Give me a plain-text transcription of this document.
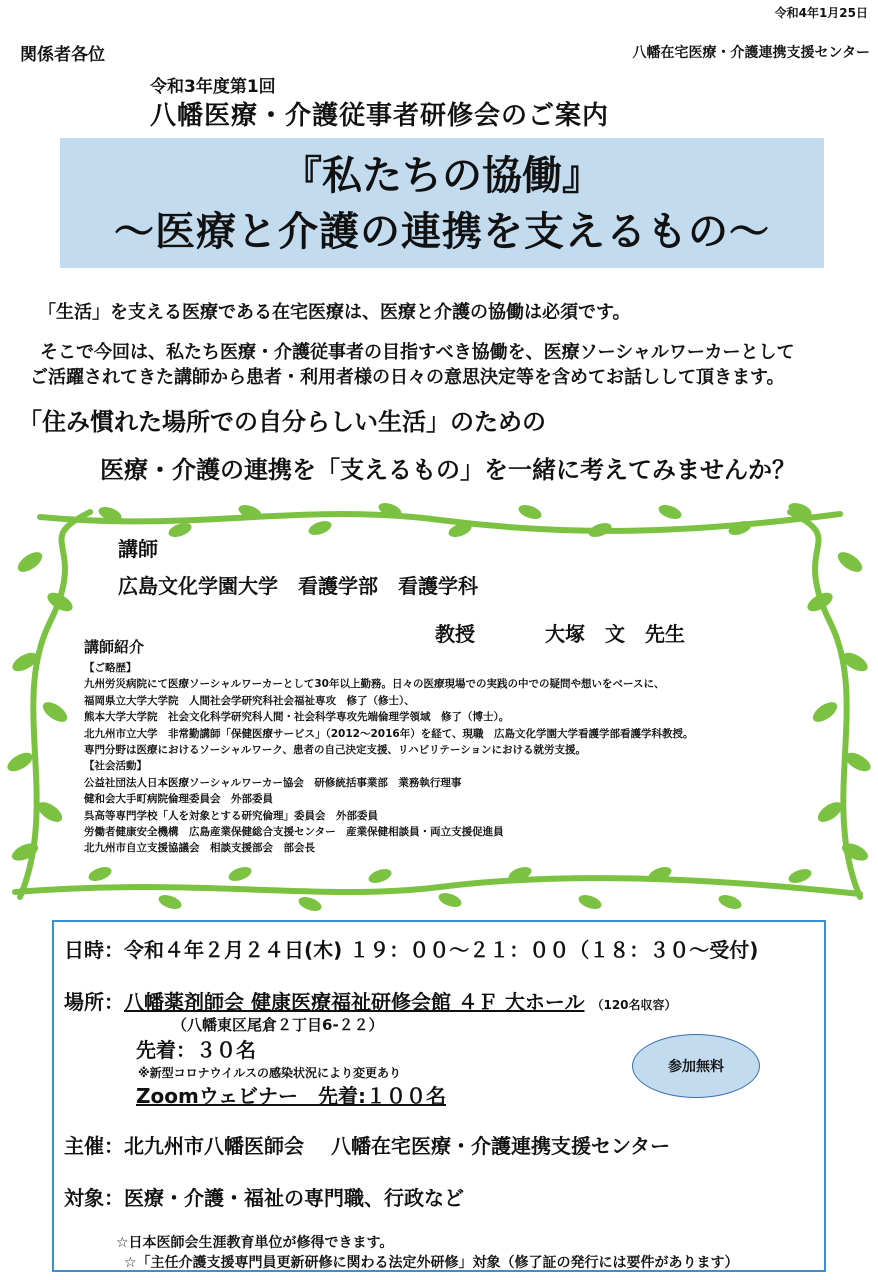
令和4年1月25日
関係者各位	八幡在宅医療・介護連携支援センター
令和3年度第1回
八幡医療・介護従事者研修会のご案内
『私たちの協働』
～医療と介護の連携を支えるもの～
「生活」を支える医療である在宅医療は、医療と介護の協働は必須です。
そこで今回は、私たち医療・介護従事者の目指すべき協働を、医療ソーシャルワーカーとして
ご活躍されてきた講師から患者・利用者様の日々の意思決定等を含めてお話しして頂きます。
「住み慣れた場所での自分らしい生活」のための
医療・介護の連携を「支えるもの」を一緒に考えてみませんか？
講師
広島文化学園大学　看護学部　看護学科
教授	大塚　文　先生
講師紹介
【ご略歴】
九州労災病院にて医療ソーシャルワーカーとして30年以上勤務。日々の医療現場での実践の中での疑問や想いをベースに、
福岡県立大学大学院　人間社会学研究科社会福祉専攻　修了（修士）、
熊本大学大学院　社会文化科学研究科人間・社会科学専攻先端倫理学領域　修了（博士）。
北九州市立大学　非常勤講師「保健医療サービス」（2012～2016年）を経て、現職　広島文化学園大学看護学部看護学科教授。
専門分野は医療におけるソーシャルワーク、患者の自己決定支援、リハビリテーションにおける就労支援。
【社会活動】
公益社団法人日本医療ソーシャルワーカー協会　研修統括事業部　業務執行理事
健和会大手町病院倫理委員会　外部委員
呉高等専門学校「人を対象とする研究倫理」委員会　外部委員
労働者健康安全機構　広島産業保健総合支援センター　産業保健相談員・両立支援促進員
北九州市自立支援協議会　相談支援部会　部会長
日時：令和４年２月２４日(木) １９：００～２１：００（１８：３０～受付)
場所：八幡薬剤師会 健康医療福祉研修会館 ４Ｆ 大ホール （120名収容）
（八幡東区尾倉２丁目6-２２）
先着：３０名
※新型コロナウイルスの感染状況により変更あり
Zoomウェビナー　先着:１００名
参加無料
主催：北九州市八幡医師会　 八幡在宅医療・介護連携支援センター
対象：医療・介護・福祉の専門職、行政など
☆日本医師会生涯教育単位が修得できます。
☆「主任介護支援専門員更新研修に関わる法定外研修」対象（修了証の発行には要件があります）
